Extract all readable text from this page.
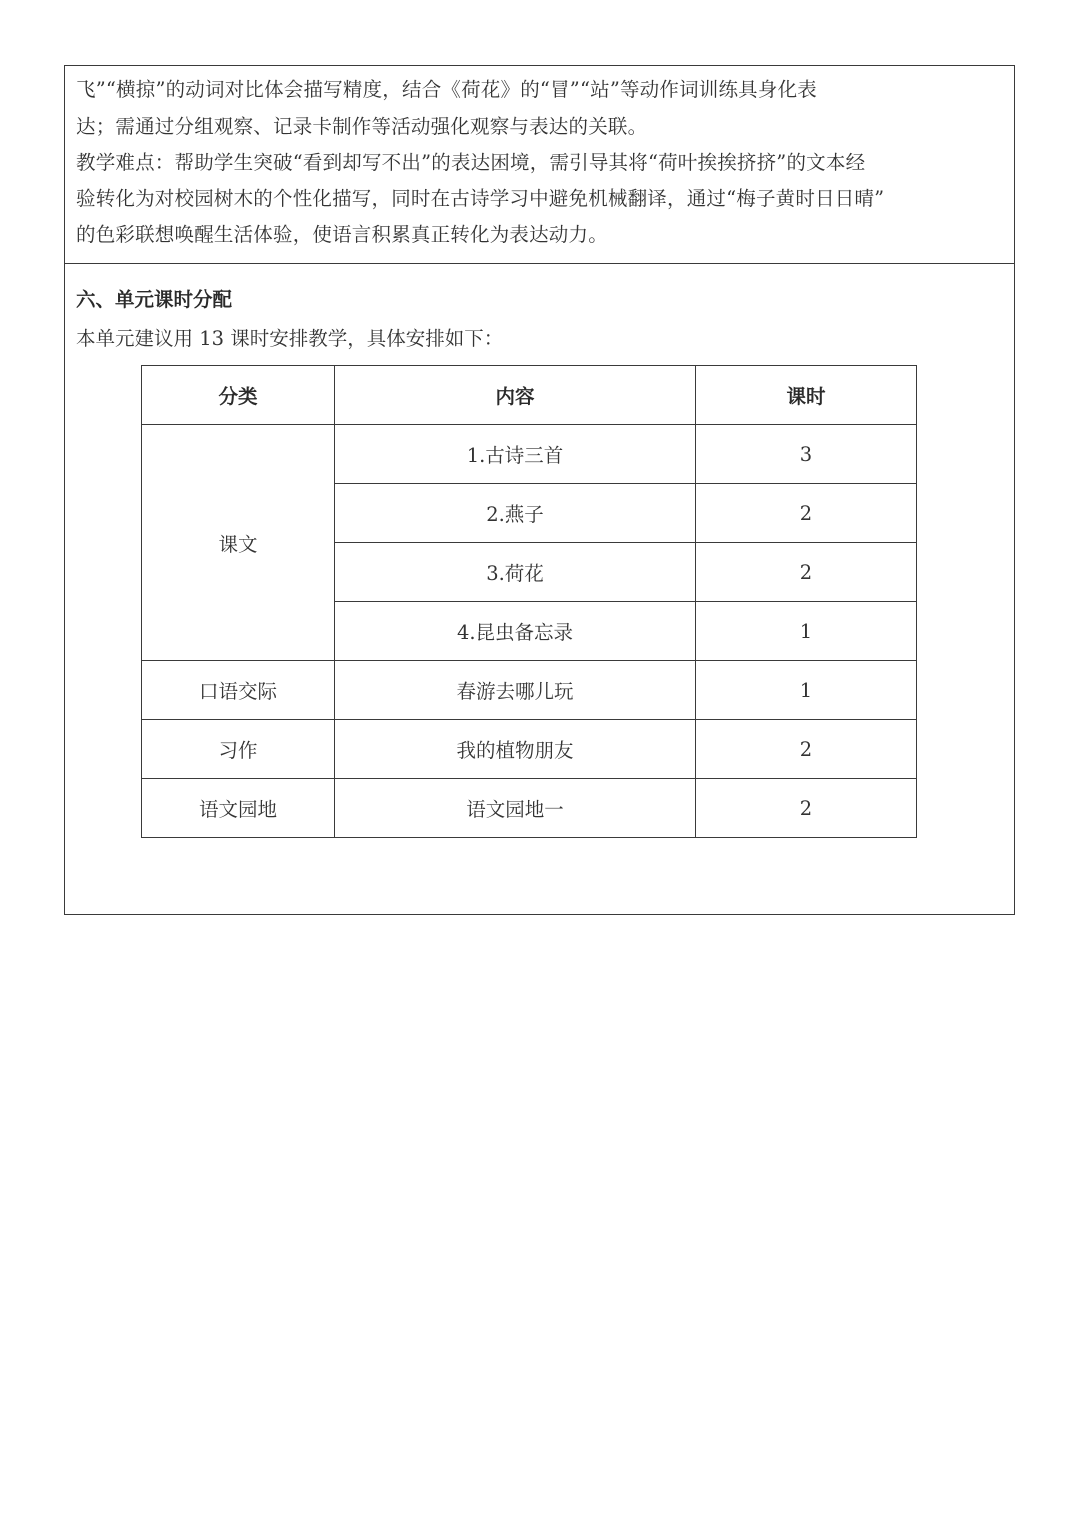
飞”“横掠”的动词对比体会描写精度，结合《荷花》的“冒”“站”等动作词训练具身化表
达；需通过分组观察、记录卡制作等活动强化观察与表达的关联。
教学难点：帮助学生突破“看到却写不出”的表达困境，需引导其将“荷叶挨挨挤挤”的文本经
验转化为对校园树木的个性化描写，同时在古诗学习中避免机械翻译，通过“梅子黄时日日晴”
的色彩联想唤醒生活体验，使语言积累真正转化为表达动力。
六、单元课时分配
本单元建议用 13 课时安排教学，具体安排如下：
分类	内容	课时
课文	1.古诗三首	3
	2.燕子	2
	3.荷花	2
	4.昆虫备忘录	1
口语交际	春游去哪儿玩	1
习作	我的植物朋友	2
语文园地	语文园地一	2
